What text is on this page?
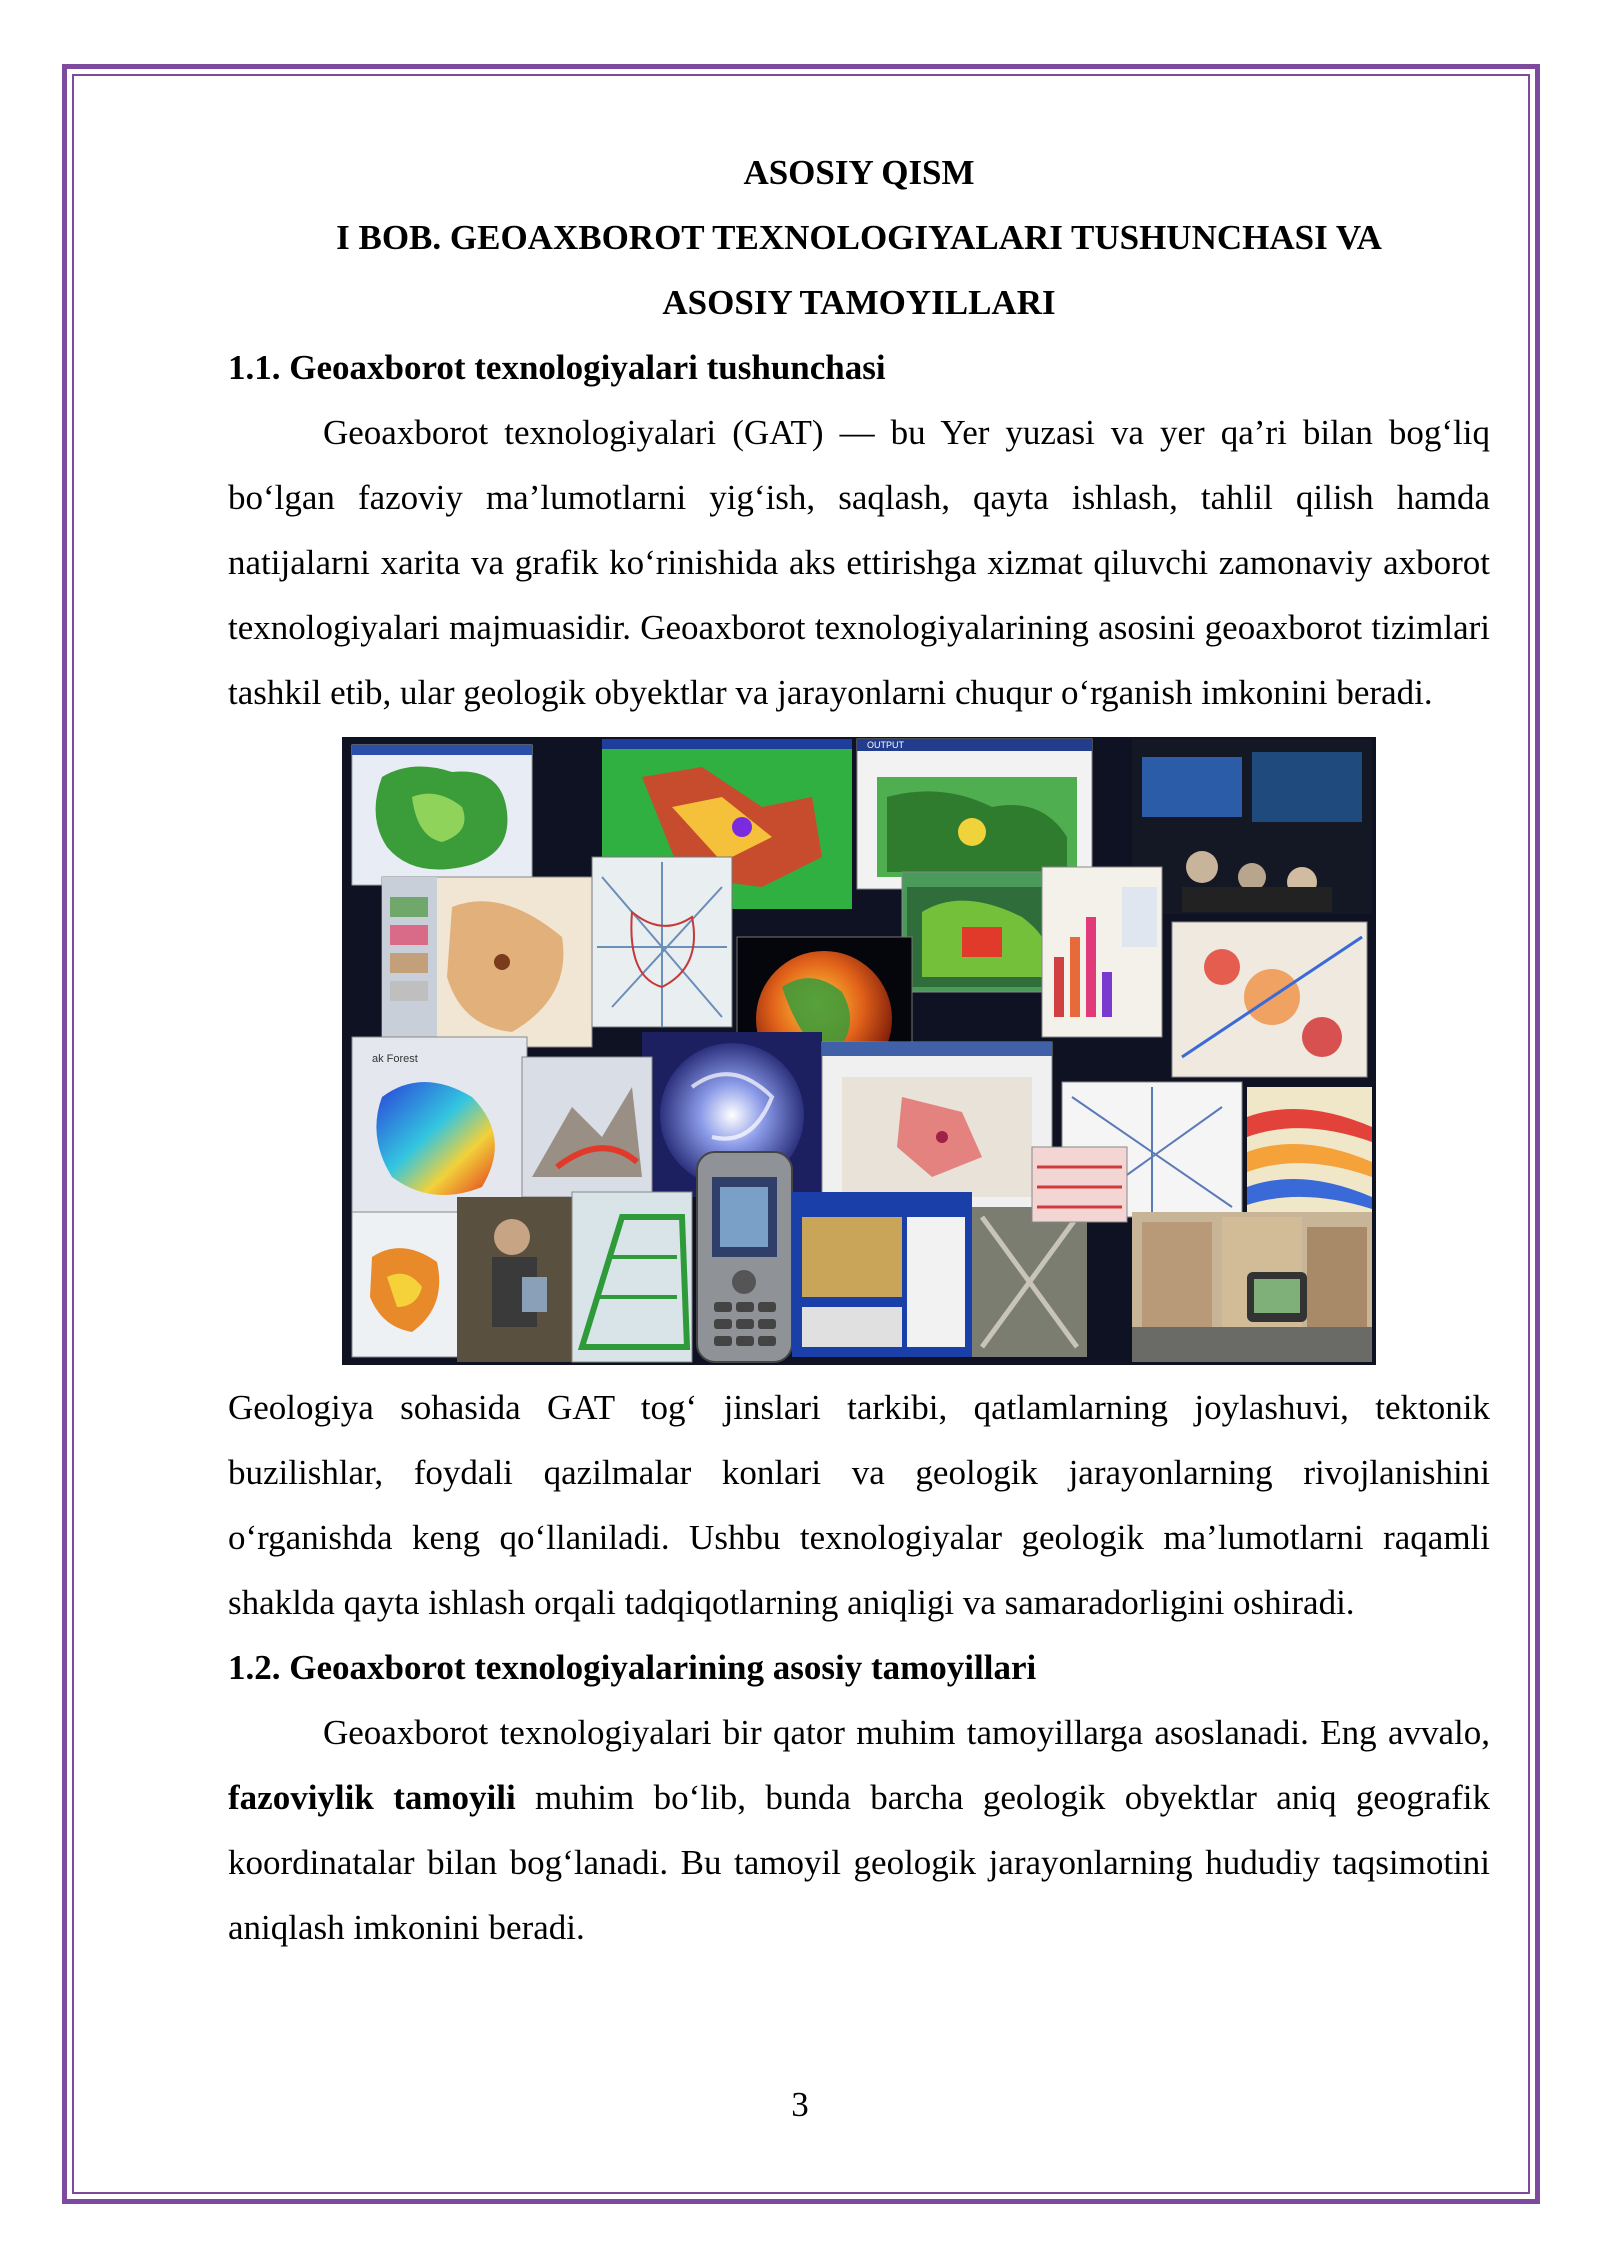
ASOSIY QISM
I BOB. GEOAXBOROT TEXNOLOGIYALARI TUSHUNCHASI VA
ASOSIY TAMOYILLARI
1.1. Geoaxborot texnologiyalari tushunchasi

Geoaxborot texnologiyalari (GAT) — bu Yer yuzasi va yer qa’ri bilan bog‘liq bo‘lgan fazoviy ma’lumotlarni yig‘ish, saqlash, qayta ishlash, tahlil qilish hamda natijalarni xarita va grafik ko‘rinishida aks ettirishga xizmat qiluvchi zamonaviy axborot texnologiyalari majmuasidir. Geoaxborot texnologiyalarining asosini geoaxborot tizimlari tashkil etib, ular geologik obyektlar va jarayonlarni chuqur o‘rganish imkonini beradi.

OUTPUT
ak Forest

Geologiya sohasida GAT tog‘ jinslari tarkibi, qatlamlarning joylashuvi, tektonik buzilishlar, foydali qazilmalar konlari va geologik jarayonlarning rivojlanishini o‘rganishda keng qo‘llaniladi. Ushbu texnologiyalar geologik ma’lumotlarni raqamli shaklda qayta ishlash orqali tadqiqotlarning aniqligi va samaradorligini oshiradi.

1.2. Geoaxborot texnologiyalarining asosiy tamoyillari

Geoaxborot texnologiyalari bir qator muhim tamoyillarga asoslanadi. Eng avvalo, fazoviylik tamoyili muhim bo‘lib, bunda barcha geologik obyektlar aniq geografik koordinatalar bilan bog‘lanadi. Bu tamoyil geologik jarayonlarning hududiy taqsimotini aniqlash imkonini beradi.

3
